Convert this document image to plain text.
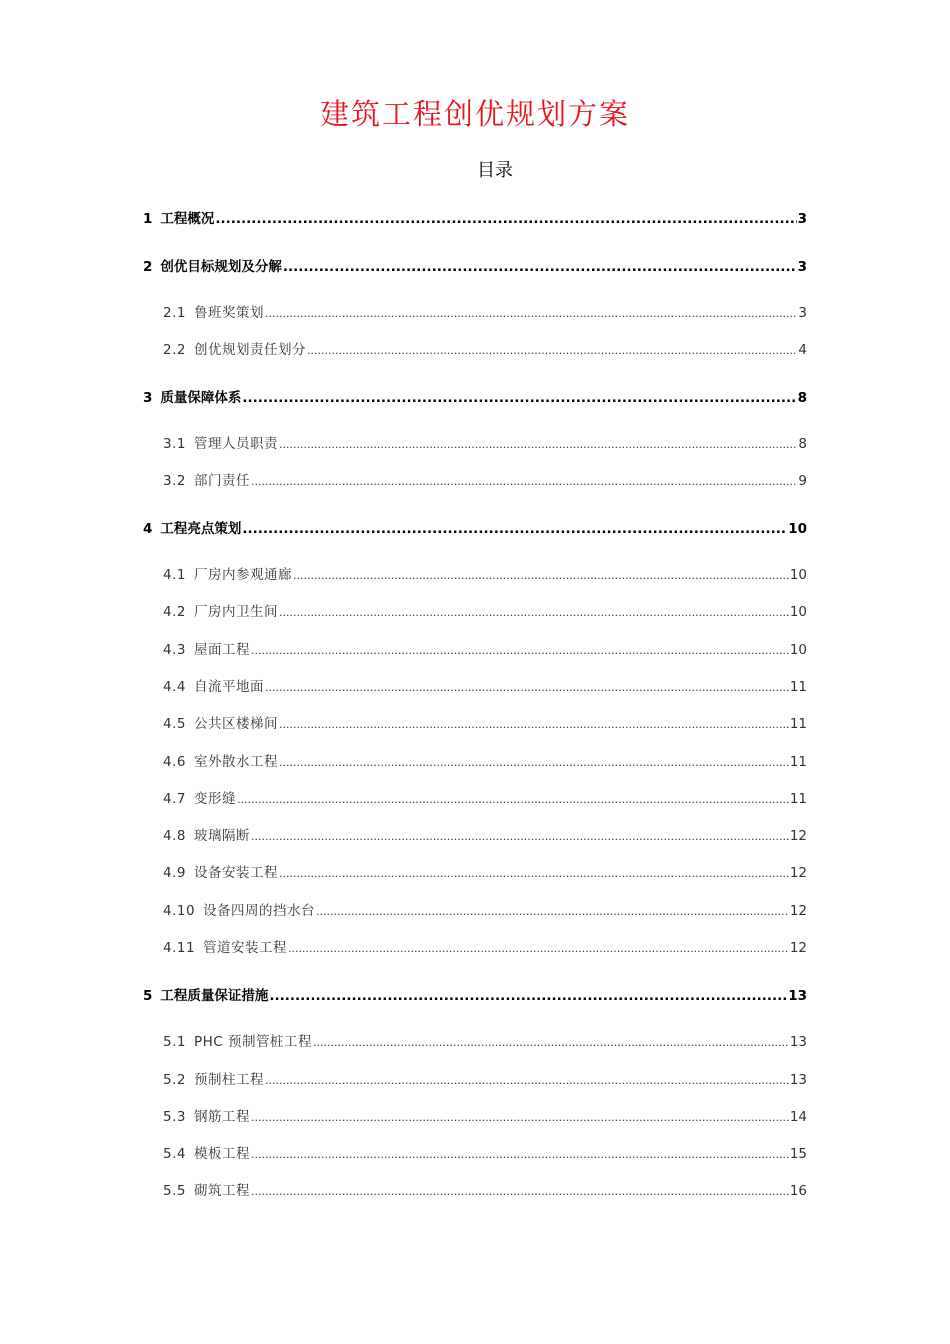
建筑工程创优规划方案
目录
1 工程概况 .....	3
2 创优目标规划及分解 .....	3
2.1 鲁班奖策划 .....	3
2.2 创优规划责任划分 .....	4
3 质量保障体系 .....	8
3.1 管理人员职责 .....	8
3.2 部门责任 .....	9
4 工程亮点策划 .....	10
4.1 厂房内参观通廊 .....	10
4.2 厂房内卫生间 .....	10
4.3 屋面工程 .....	10
4.4 自流平地面 .....	11
4.5 公共区楼梯间 .....	11
4.6 室外散水工程 .....	11
4.7 变形缝 .....	11
4.8 玻璃隔断 .....	12
4.9 设备安装工程 .....	12
4.10 设备四周的挡水台 .....	12
4.11 管道安装工程 .....	12
5 工程质量保证措施 .....	13
5.1 PHC 预制管桩工程 .....	13
5.2 预制柱工程 .....	13
5.3 钢筋工程 .....	14
5.4 模板工程 .....	15
5.5 砌筑工程 .....	16
